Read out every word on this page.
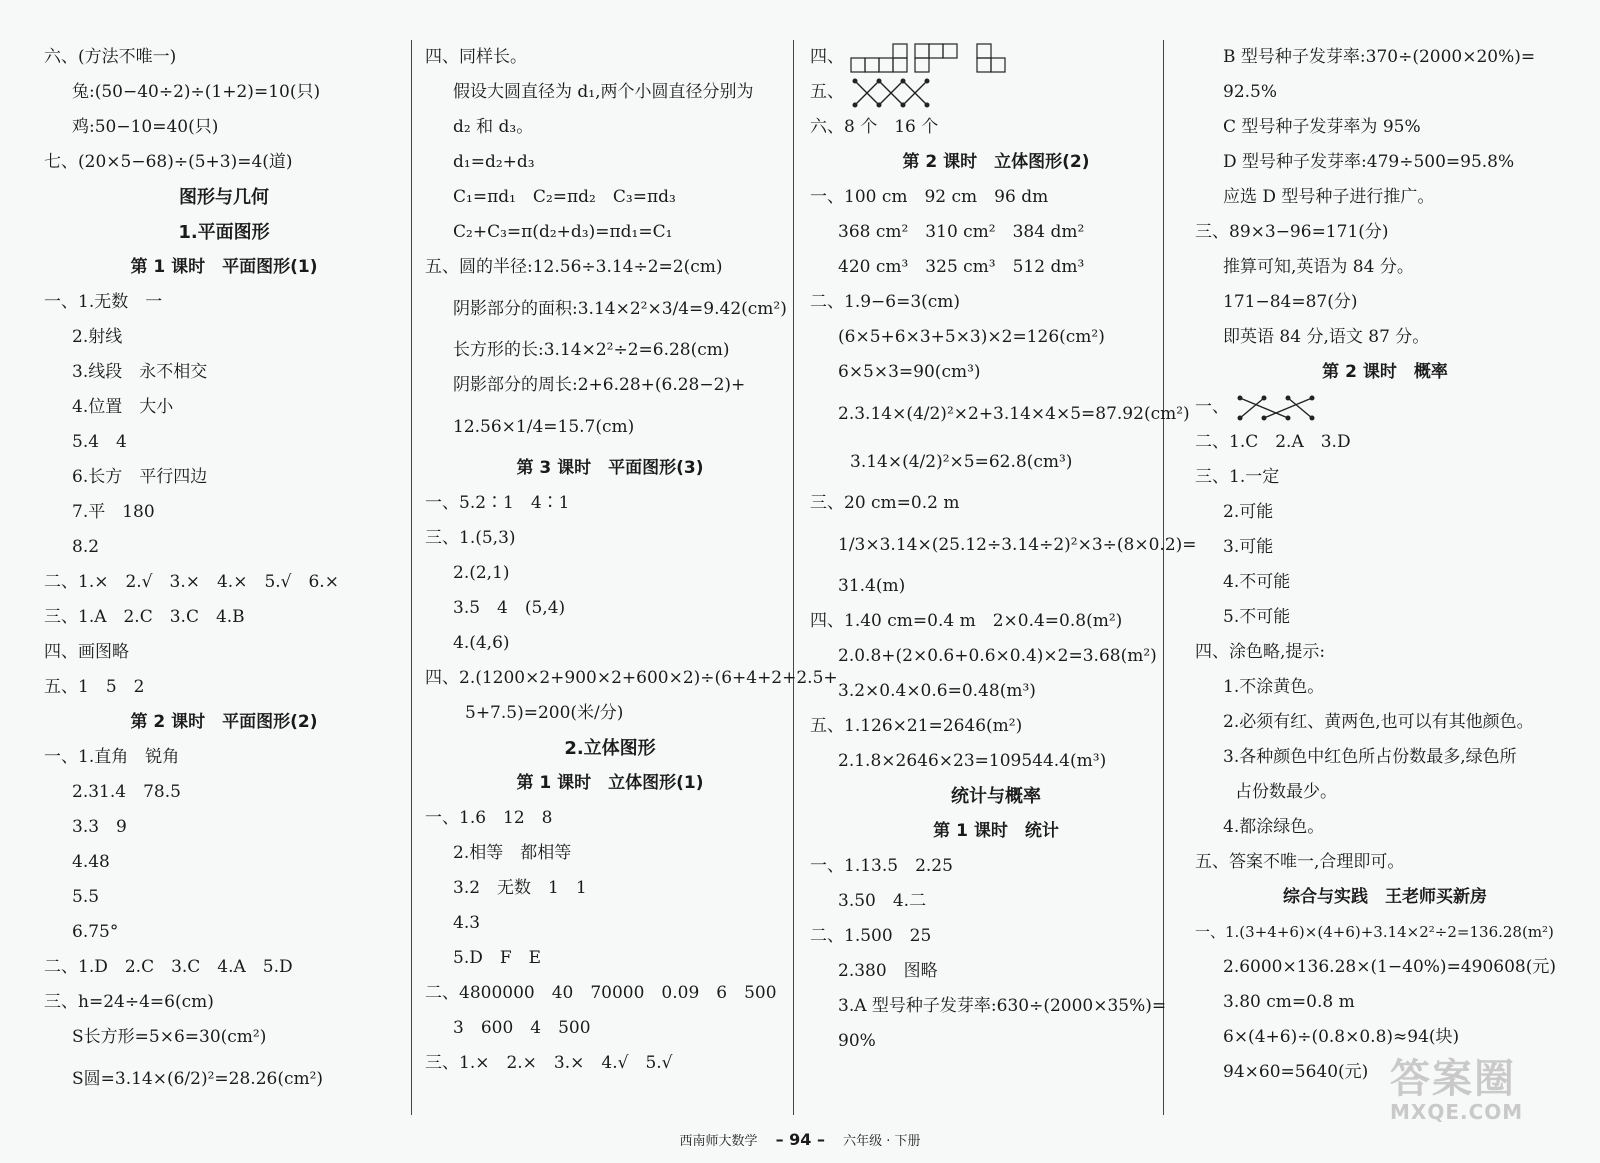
六、(方法不唯一)
兔:(50−40÷2)÷(1+2)=10(只)
鸡:50−10=40(只)
七、(20×5−68)÷(5+3)=4(道)
图形与几何
1.平面图形
第 1 课时　平面图形(1)
一、1.无数　一
2.射线
3.线段　永不相交
4.位置　大小
5.4　4
6.长方　平行四边
7.平　180
8.2
二、1.×　2.√　3.×　4.×　5.√　6.×
三、1.A　2.C　3.C　4.B
四、画图略
五、1　5　2
第 2 课时　平面图形(2)
一、1.直角　锐角
2.31.4　78.5
3.3　9
4.48
5.5
6.75°
二、1.D　2.C　3.C　4.A　5.D
三、h=24÷4=6(cm)
S长方形=5×6=30(cm²)
S圆=3.14×(6/2)²=28.26(cm²)
四、同样长。
假设大圆直径为 d₁,两个小圆直径分别为
d₂ 和 d₃。
d₁=d₂+d₃
C₁=πd₁　C₂=πd₂　C₃=πd₃
C₂+C₃=π(d₂+d₃)=πd₁=C₁
五、圆的半径:12.56÷3.14÷2=2(cm)
阴影部分的面积:3.14×2²×3/4=9.42(cm²)
长方形的长:3.14×2²÷2=6.28(cm)
阴影部分的周长:2+6.28+(6.28−2)+
12.56×1/4=15.7(cm)
第 3 课时　平面图形(3)
一、5.2∶1　4∶1
三、1.(5,3)
2.(2,1)
3.5　4　(5,4)
4.(4,6)
四、2.(1200×2+900×2+600×2)÷(6+4+2+2.5+
5+7.5)=200(米/分)
2.立体图形
第 1 课时　立体图形(1)
一、1.6　12　8
2.相等　都相等
3.2　无数　1　1
4.3
5.D　F　E
二、4800000　40　70000　0.09　6　500
3　600　4　500
三、1.×　2.×　3.×　4.√　5.√
四、
五、
六、8 个　16 个
第 2 课时　立体图形(2)
一、100 cm　92 cm　96 dm
368 cm²　310 cm²　384 dm²
420 cm³　325 cm³　512 dm³
二、1.9−6=3(cm)
(6×5+6×3+5×3)×2=126(cm²)
6×5×3=90(cm³)
2.3.14×(4/2)²×2+3.14×4×5=87.92(cm²)
3.14×(4/2)²×5=62.8(cm³)
三、20 cm=0.2 m
1/3×3.14×(25.12÷3.14÷2)²×3÷(8×0.2)=
31.4(m)
四、1.40 cm=0.4 m　2×0.4=0.8(m²)
2.0.8+(2×0.6+0.6×0.4)×2=3.68(m²)
3.2×0.4×0.6=0.48(m³)
五、1.126×21=2646(m²)
2.1.8×2646×23=109544.4(m³)
统计与概率
第 1 课时　统计
一、1.13.5　2.25
3.50　4.二
二、1.500　25
2.380　图略
3.A 型号种子发芽率:630÷(2000×35%)=
90%
B 型号种子发芽率:370÷(2000×20%)=
92.5%
C 型号种子发芽率为 95%
D 型号种子发芽率:479÷500=95.8%
应选 D 型号种子进行推广。
三、89×3−96=171(分)
推算可知,英语为 84 分。
171−84=87(分)
即英语 84 分,语文 87 分。
第 2 课时　概率
一、
二、1.C　2.A　3.D
三、1.一定
2.可能
3.可能
4.不可能
5.不可能
四、涂色略,提示:
1.不涂黄色。
2.必须有红、黄两色,也可以有其他颜色。
3.各种颜色中红色所占份数最多,绿色所
占份数最少。
4.都涂绿色。
五、答案不唯一,合理即可。
综合与实践　王老师买新房
一、1.(3+4+6)×(4+6)+3.14×2²÷2=136.28(m²)
2.6000×136.28×(1−40%)=490608(元)
3.80 cm=0.8 m
6×(4+6)÷(0.8×0.8)≈94(块)
94×60=5640(元)
西南师大数学 – 94 – 六年级 · 下册
答案圈
MXQE.COM
